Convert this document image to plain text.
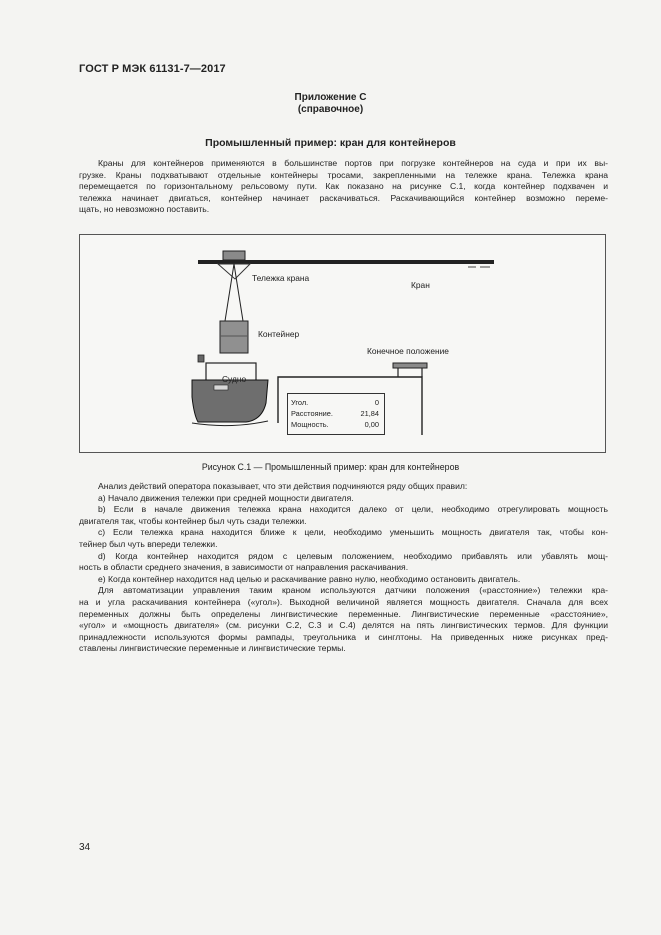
ГОСТ Р МЭК 61131-7—2017
Приложение С
(справочное)
Промышленный пример: кран для контейнеров
Краны для контейнеров применяются в большинстве портов при погрузке контейнеров на суда и при их вы-
грузке. Краны подхватывают отдельные контейнеры тросами, закрепленными на тележке крана. Тележка крана
перемещается по горизонтальному рельсовому пути. Как показано на рисунке С.1, когда контейнер подхвачен и
тележка начинает двигаться, контейнер начинает раскачиваться. Раскачивающийся контейнер возможно переме-
щать, но невозможно поставить.
Тележка крана
Кран
Контейнер
Конечное положение
Судно
Угол.	0
Расстояние.	21,84
Мощность.	0,00
Рисунок С.1 — Промышленный пример: кран для контейнеров
Анализ действий оператора показывает, что эти действия подчиняются ряду общих правил:
а) Начало движения тележки при средней мощности двигателя.
b) Если в начале движения тележка крана находится далеко от цели, необходимо отрегулировать мощность
двигателя так, чтобы контейнер был чуть сзади тележки.
c) Если тележка крана находится ближе к цели, необходимо уменьшить мощность двигателя так, чтобы кон-
тейнер был чуть впереди тележки.
d) Когда контейнер находится рядом с целевым положением, необходимо прибавлять или убавлять мощ-
ность в области среднего значения, в зависимости от направления раскачивания.
e) Когда контейнер находится над целью и раскачивание равно нулю, необходимо остановить двигатель.
Для автоматизации управления таким краном используются датчики положения («расстояние») тележки кра-
на и угла раскачивания контейнера («угол»). Выходной величиной является мощность двигателя. Сначала для всех
переменных должны быть определены лингвистические переменные. Лингвистические переменные «расстояние»,
«угол» и «мощность двигателя» (см. рисунки С.2, С.3 и С.4) делятся на пять лингвистических термов. Для функции
принадлежности используются формы рампады, треугольника и синглтоны. На приведенных ниже рисунках пред-
ставлены лингвистические переменные и лингвистические термы.
34
